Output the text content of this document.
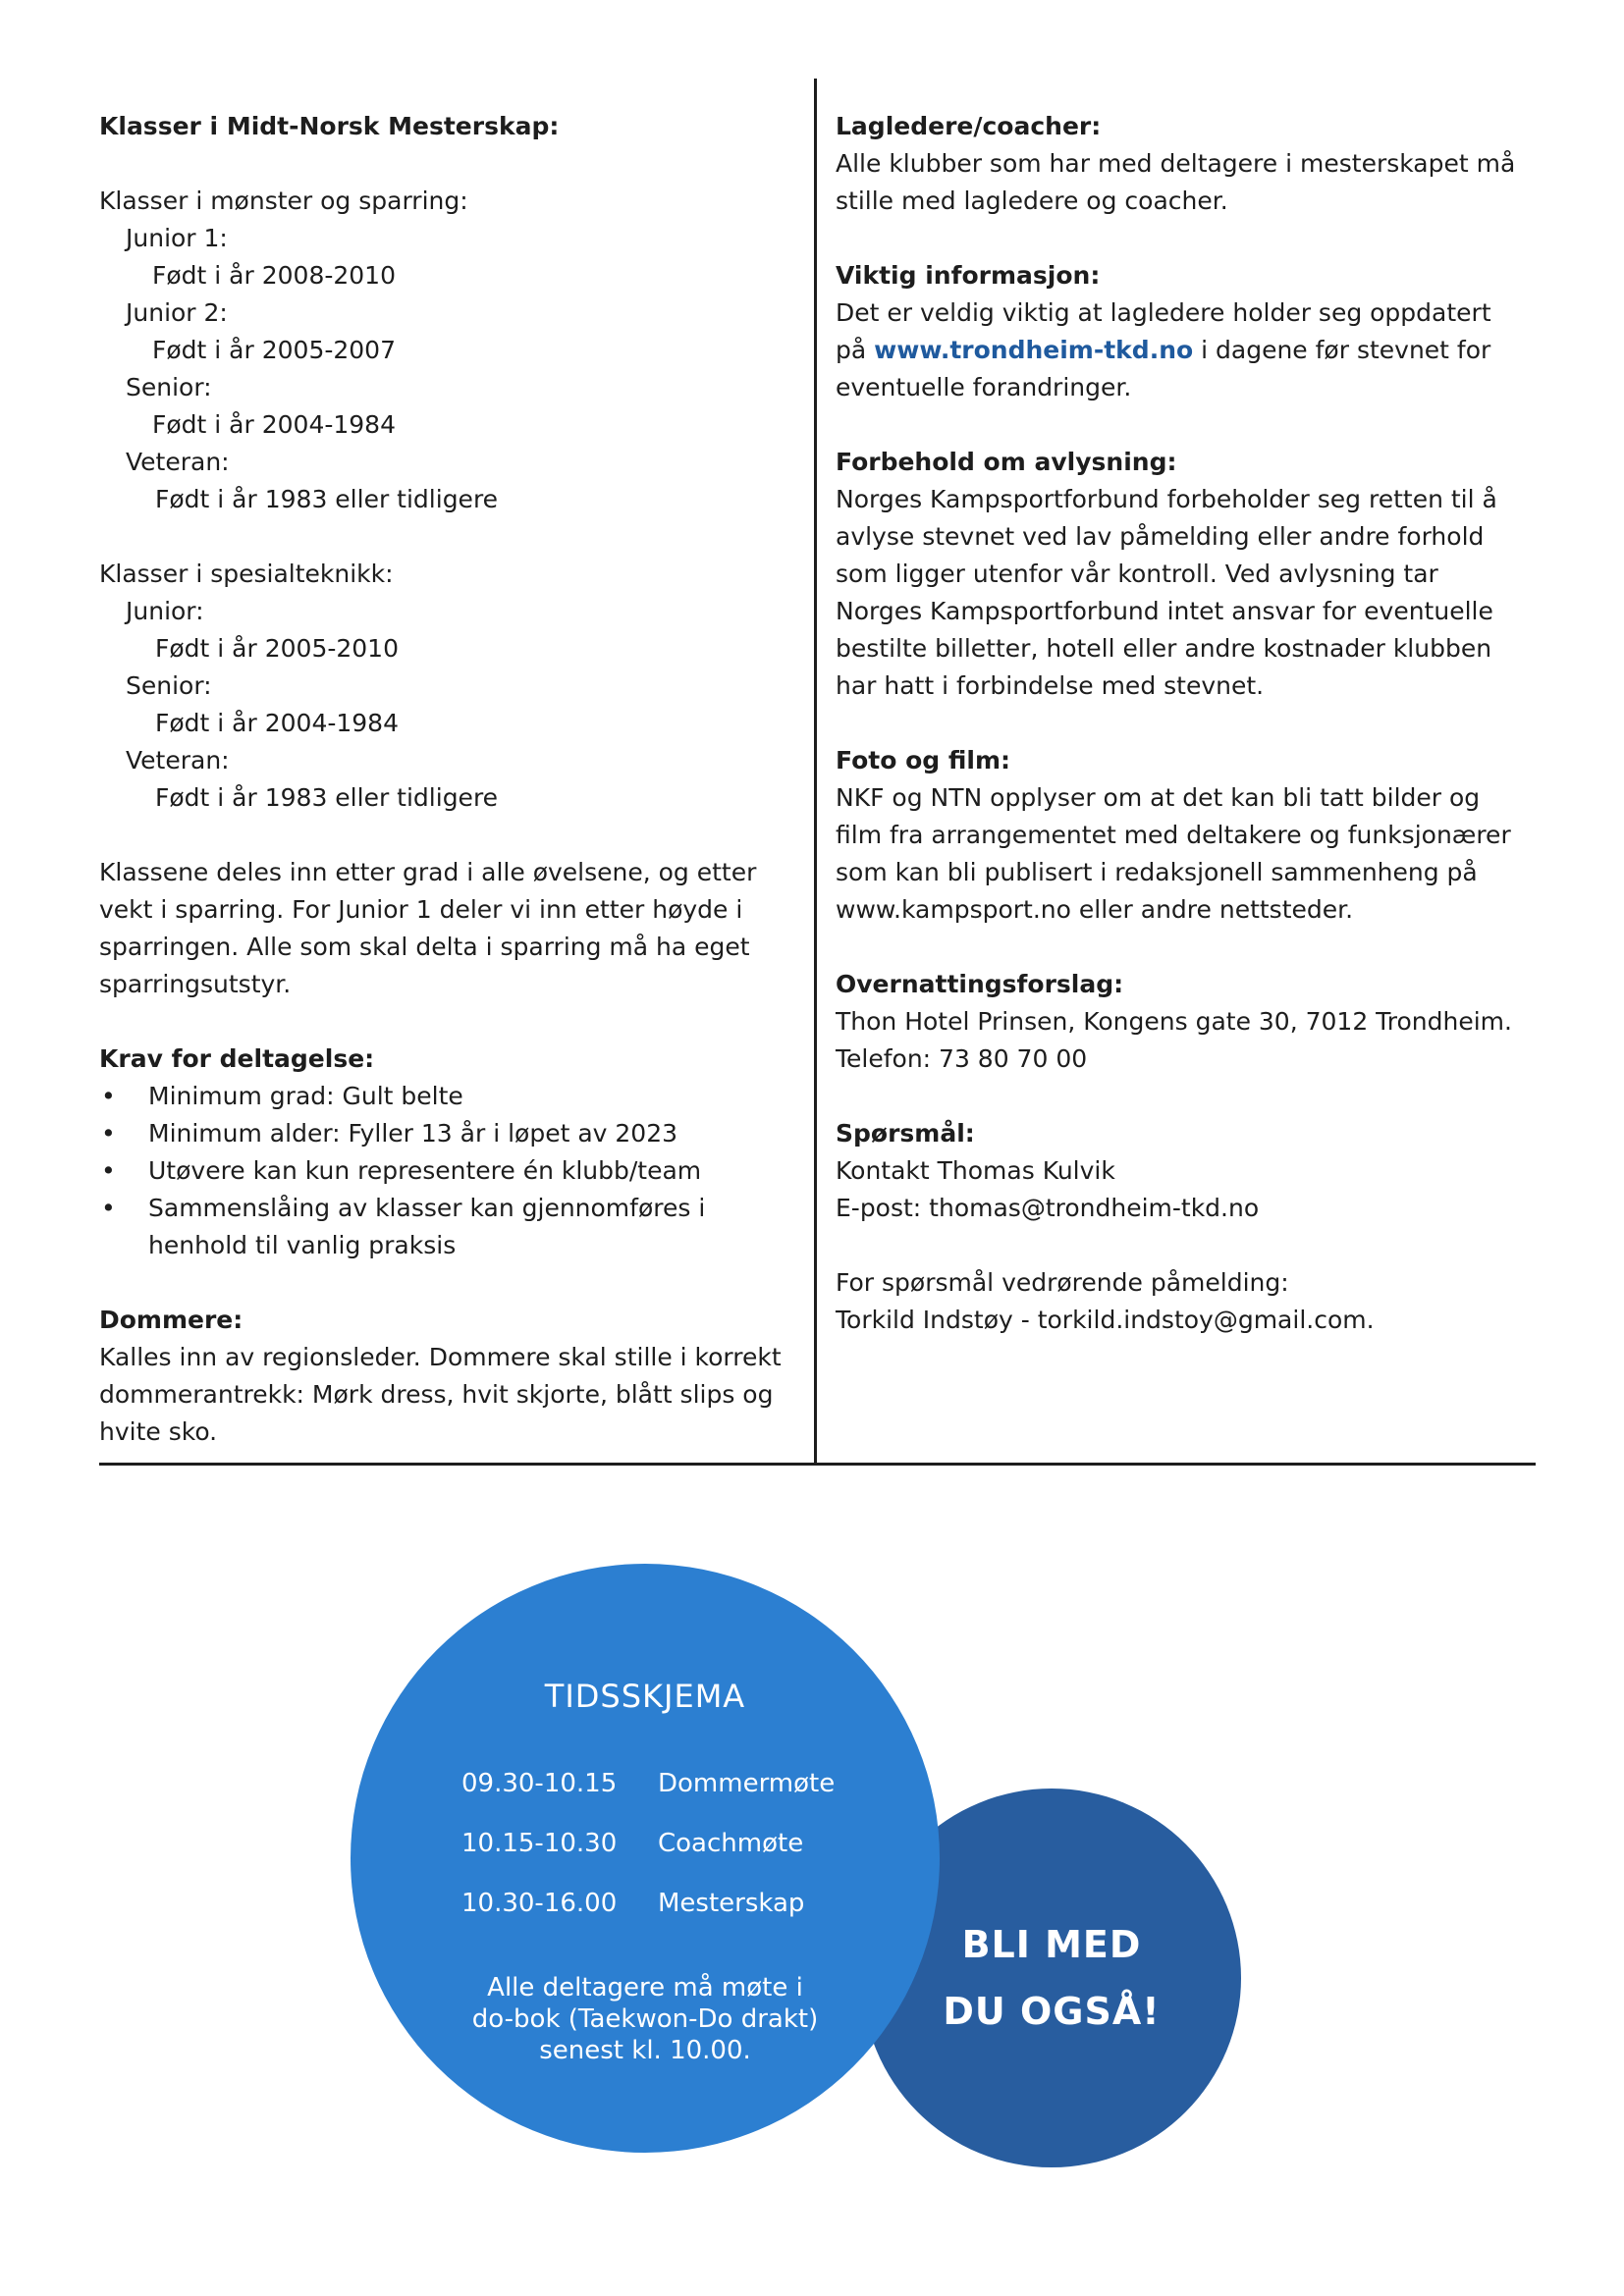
Klasser i Midt-Norsk Mesterskap:
Klasser i mønster og sparring:
Junior 1:
Født i år 2008-2010
Junior 2:
Født i år 2005-2007
Senior:
Født i år 2004-1984
Veteran:
Født i år 1983 eller tidligere
Klasser i spesialteknikk:
Junior:
Født i år 2005-2010
Senior:
Født i år 2004-1984
Veteran:
Født i år 1983 eller tidligere
Klassene deles inn etter grad i alle øvelsene, og etter
vekt i sparring. For Junior 1 deler vi inn etter høyde i
sparringen. Alle som skal delta i sparring må ha eget
sparringsutstyr.
Krav for deltagelse:
• Minimum grad: Gult belte
• Minimum alder: Fyller 13 år i løpet av 2023
• Utøvere kan kun representere én klubb/team
• Sammenslåing av klasser kan gjennomføres i
henhold til vanlig praksis
Dommere:
Kalles inn av regionsleder. Dommere skal stille i korrekt
dommerantrekk: Mørk dress, hvit skjorte, blått slips og
hvite sko.
Lagledere/coacher:
Alle klubber som har med deltagere i mesterskapet må
stille med lagledere og coacher.
Viktig informasjon:
Det er veldig viktig at lagledere holder seg oppdatert
på www.trondheim-tkd.no i dagene før stevnet for
eventuelle forandringer.
Forbehold om avlysning:
Norges Kampsportforbund forbeholder seg retten til å
avlyse stevnet ved lav påmelding eller andre forhold
som ligger utenfor vår kontroll. Ved avlysning tar
Norges Kampsportforbund intet ansvar for eventuelle
bestilte billetter, hotell eller andre kostnader klubben
har hatt i forbindelse med stevnet.
Foto og film:
NKF og NTN opplyser om at det kan bli tatt bilder og
film fra arrangementet med deltakere og funksjonærer
som kan bli publisert i redaksjonell sammenheng på
www.kampsport.no eller andre nettsteder.
Overnattingsforslag:
Thon Hotel Prinsen, Kongens gate 30, 7012 Trondheim.
Telefon: 73 80 70 00
Spørsmål:
Kontakt Thomas Kulvik
E-post: thomas@trondheim-tkd.no
For spørsmål vedrørende påmelding:
Torkild Indstøy - torkild.indstoy@gmail.com.
TIDSSKJEMA
09.30-10.15 Dommermøte
10.15-10.30 Coachmøte
10.30-16.00 Mesterskap
Alle deltagere må møte i
do-bok (Taekwon-Do drakt)
senest kl. 10.00.
BLI MED
DU OGSÅ!
